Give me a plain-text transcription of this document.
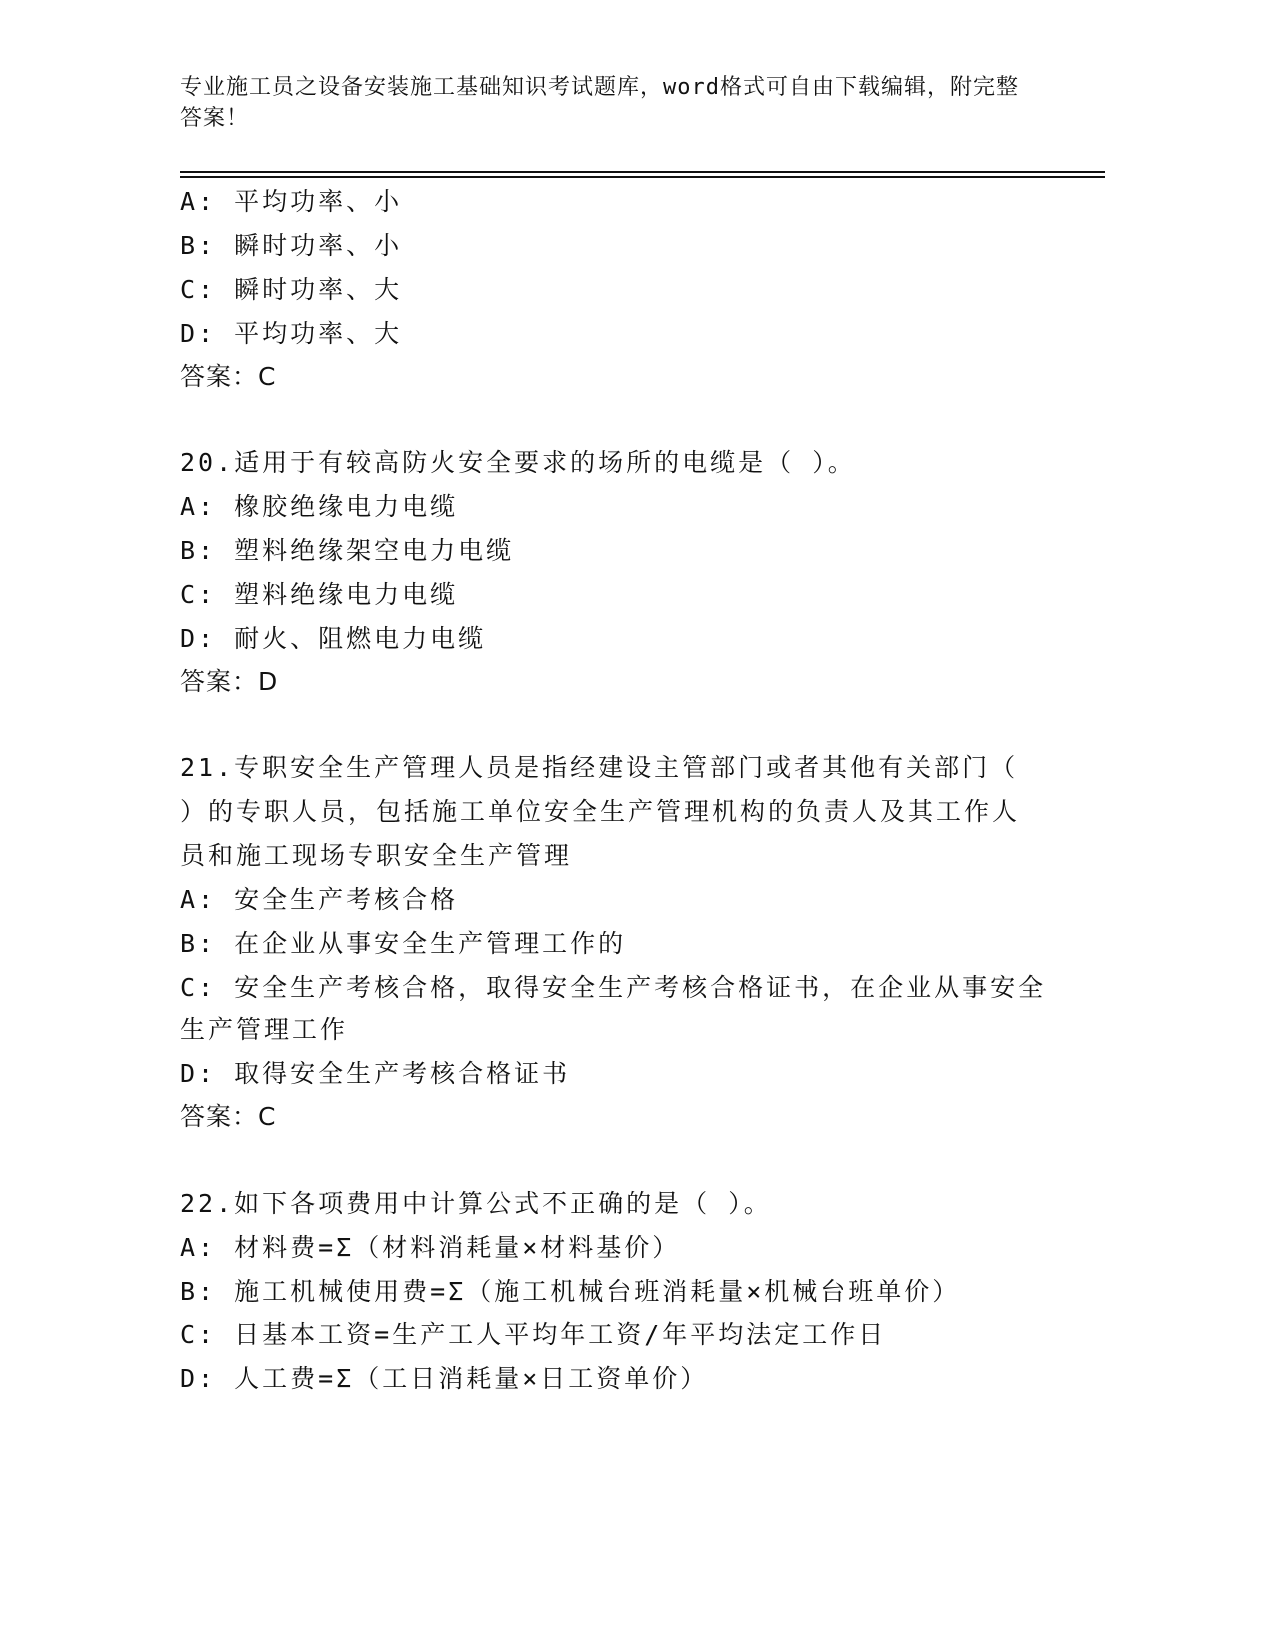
专业施工员之设备安装施工基础知识考试题库，word格式可自由下载编辑，附完整答案！
A: 平均功率、小
B: 瞬时功率、小
C: 瞬时功率、大
D: 平均功率、大
答案：C
20.适用于有较高防火安全要求的场所的电缆是（ ）。
A: 橡胶绝缘电力电缆
B: 塑料绝缘架空电力电缆
C: 塑料绝缘电力电缆
D: 耐火、阻燃电力电缆
答案：D
21.专职安全生产管理人员是指经建设主管部门或者其他有关部门（
）的专职人员，包括施工单位安全生产管理机构的负责人及其工作人
员和施工现场专职安全生产管理
A: 安全生产考核合格
B: 在企业从事安全生产管理工作的
C: 安全生产考核合格，取得安全生产考核合格证书，在企业从事安全
生产管理工作
D: 取得安全生产考核合格证书
答案：C
22.如下各项费用中计算公式不正确的是（ ）。
A: 材料费=Σ（材料消耗量×材料基价）
B: 施工机械使用费=Σ（施工机械台班消耗量×机械台班单价）
C: 日基本工资=生产工人平均年工资/年平均法定工作日
D: 人工费=Σ（工日消耗量×日工资单价）
